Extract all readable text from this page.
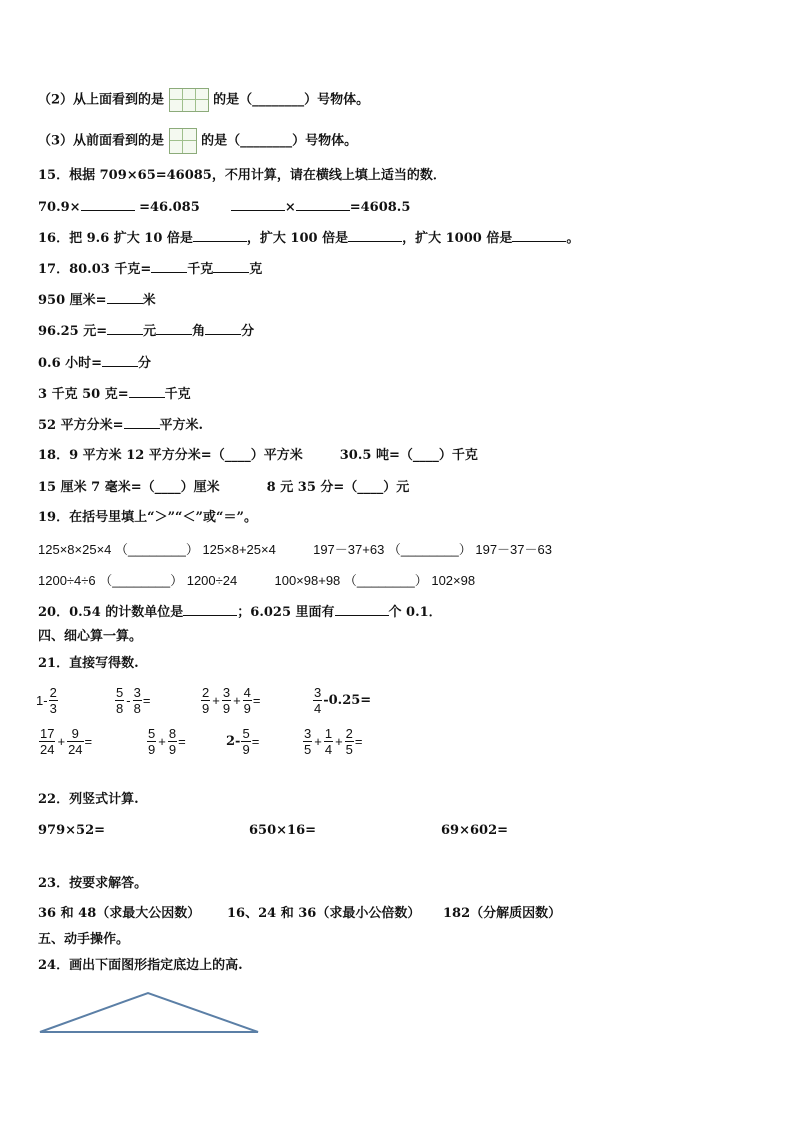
（2）从上面看到的是	的是（________）号物体。
（3）从前面看到的是	的是（________）号物体。
15．根据 709×65=46085，不用计算，请在横线上填上适当的数．
70.9×	=46.085	×	=4608.5
16．把 9.6 扩大 10 倍是	，扩大 100 倍是	，扩大 1000 倍是	。
17．80.03 千克=	千克	克
950 厘米=	米
96.25 元=	元	角	分
0.6 小时=	分
3 千克 50 克=	千克
52 平方分米=	平方米.
18．9 平方米 12 平方分米=（____）平方米	30.5 吨=（____）千克
15 厘米 7 毫米=（____）厘米	8 元 35 分=（____）元
19．在括号里填上“＞”“＜”或“＝”。
125×8×25×4 （________） 125×8+25×4	197－37+63 （________） 197－37－63
1200÷4÷6 （________） 1200÷24	100×98+98 （________） 102×98
20．0.54 的计数单位是	；6.025 里面有	个 0.1．
四、细心算一算。
21．直接写得数.
$1- \frac{2}{3}$	$\frac{5}{8} - \frac{3}{8}$ =	$\frac{2}{9} + \frac{3}{9} + \frac{4}{9}$ =	$\frac{3}{4} -0.25=$
$\frac{17}{24} + \frac{9}{24}$ =	$\frac{5}{9} + \frac{8}{9}$ =	$2- \frac{5}{9}$ =	$\frac{3}{5} + \frac{1}{4} + \frac{2}{5}$ =
22．列竖式计算.
979×52=	650×16=	69×602=
23．按要求解答。
36 和 48（求最大公因数） 16、24 和 36（求最小公倍数） 182（分解质因数）
五、动手操作。
24．画出下面图形指定底边上的高.
